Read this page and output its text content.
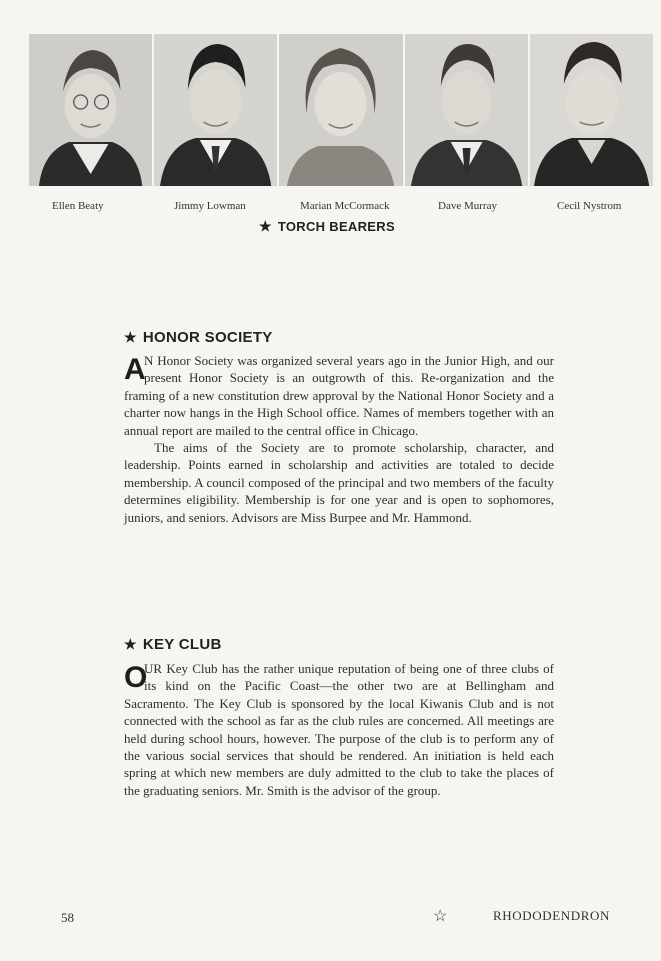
Ellen Beaty	Jimmy Lowman	Marian McCormack	Dave Murray	Cecil Nystrom
★ TORCH BEARERS
★ HONOR SOCIETY

A
N Honor Society was organized several years ago in the Junior High, and our present Honor Society is an outgrowth of this. Re-organization and the framing of a new constitution drew approval by the National Honor Society and a charter now hangs in the High School office. Names of members together with an annual report are mailed to the central office in Chicago.

The aims of the Society are to promote scholarship, character, and leadership. Points earned in scholarship and activities are totaled to decide membership. A council composed of the principal and two members of the faculty determines eligibility. Membership is for one year and is open to sophomores, juniors, and seniors. Advisors are Miss Burpee and Mr. Hammond.

★ KEY CLUB

O
UR Key Club has the rather unique reputation of being one of three clubs of its kind on the Pacific Coast—the other two are at Bellingham and Sacramento. The Key Club is sponsored by the local Kiwanis Club and is not connected with the school as far as the club rules are concerned. All meetings are held during school hours, however. The purpose of the club is to perform any of the various social services that should be rendered. An initiation is held each spring at which new members are duly admitted to the club to take the places of the graduating seniors. Mr. Smith is the advisor of the group.

58	☆	RHODODENDRON
